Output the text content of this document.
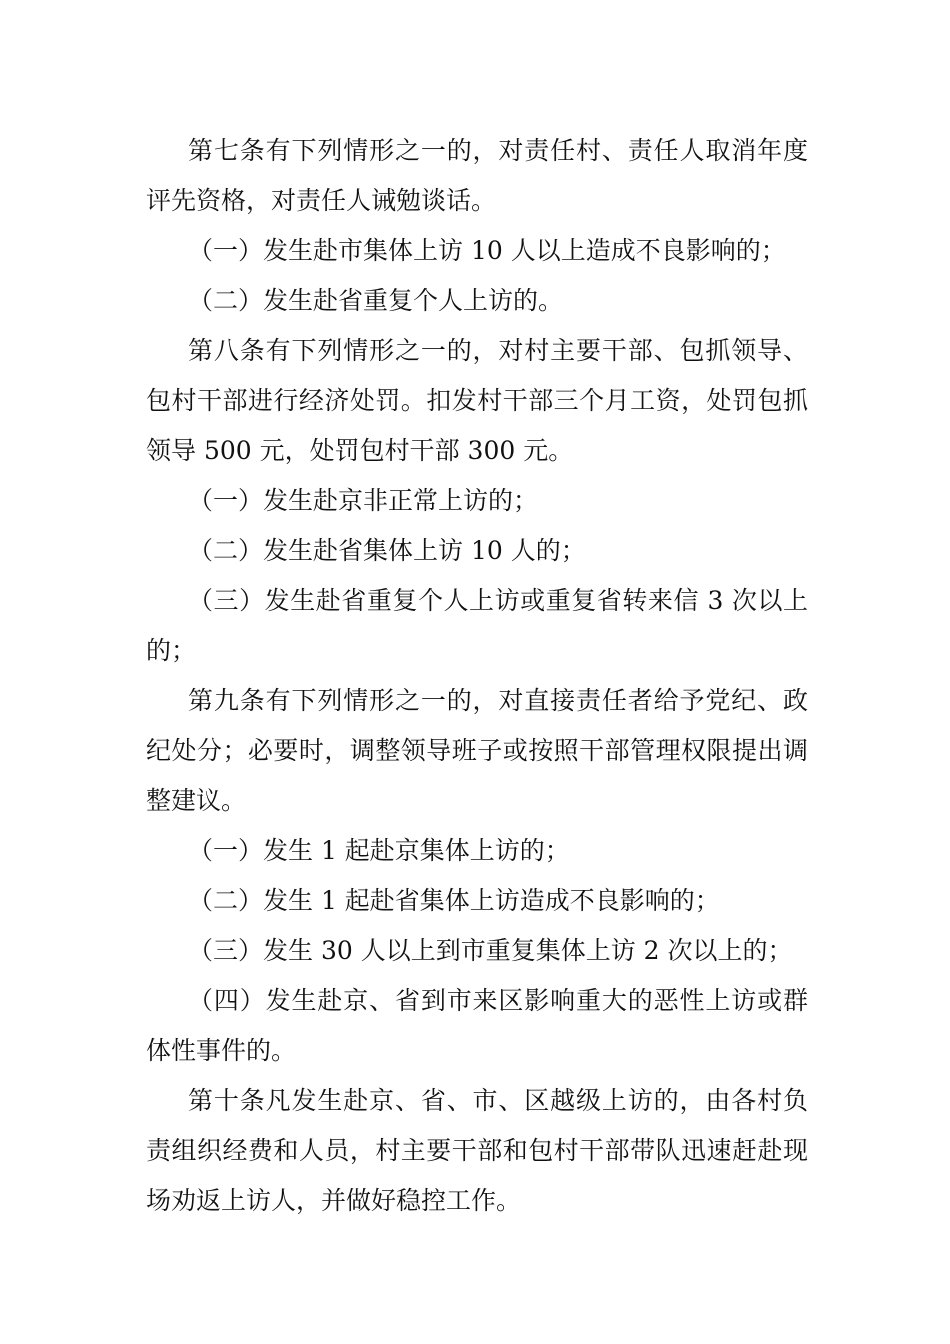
第七条有下列情形之一的，对责任村、责任人取消年度评先资格，对责任人诫勉谈话。

（一）发生赴市集体上访 10 人以上造成不良影响的；

（二）发生赴省重复个人上访的。

第八条有下列情形之一的，对村主要干部、包抓领导、包村干部进行经济处罚。扣发村干部三个月工资，处罚包抓领导 500 元，处罚包村干部 300 元。

（一）发生赴京非正常上访的；

（二）发生赴省集体上访 10 人的；

（三）发生赴省重复个人上访或重复省转来信 3 次以上的；

第九条有下列情形之一的，对直接责任者给予党纪、政纪处分；必要时，调整领导班子或按照干部管理权限提出调整建议。

（一）发生 1 起赴京集体上访的；

（二）发生 1 起赴省集体上访造成不良影响的；

（三）发生 30 人以上到市重复集体上访 2 次以上的；

（四）发生赴京、省到市来区影响重大的恶性上访或群体性事件的。

第十条凡发生赴京、省、市、区越级上访的，由各村负责组织经费和人员，村主要干部和包村干部带队迅速赶赴现场劝返上访人，并做好稳控工作。
